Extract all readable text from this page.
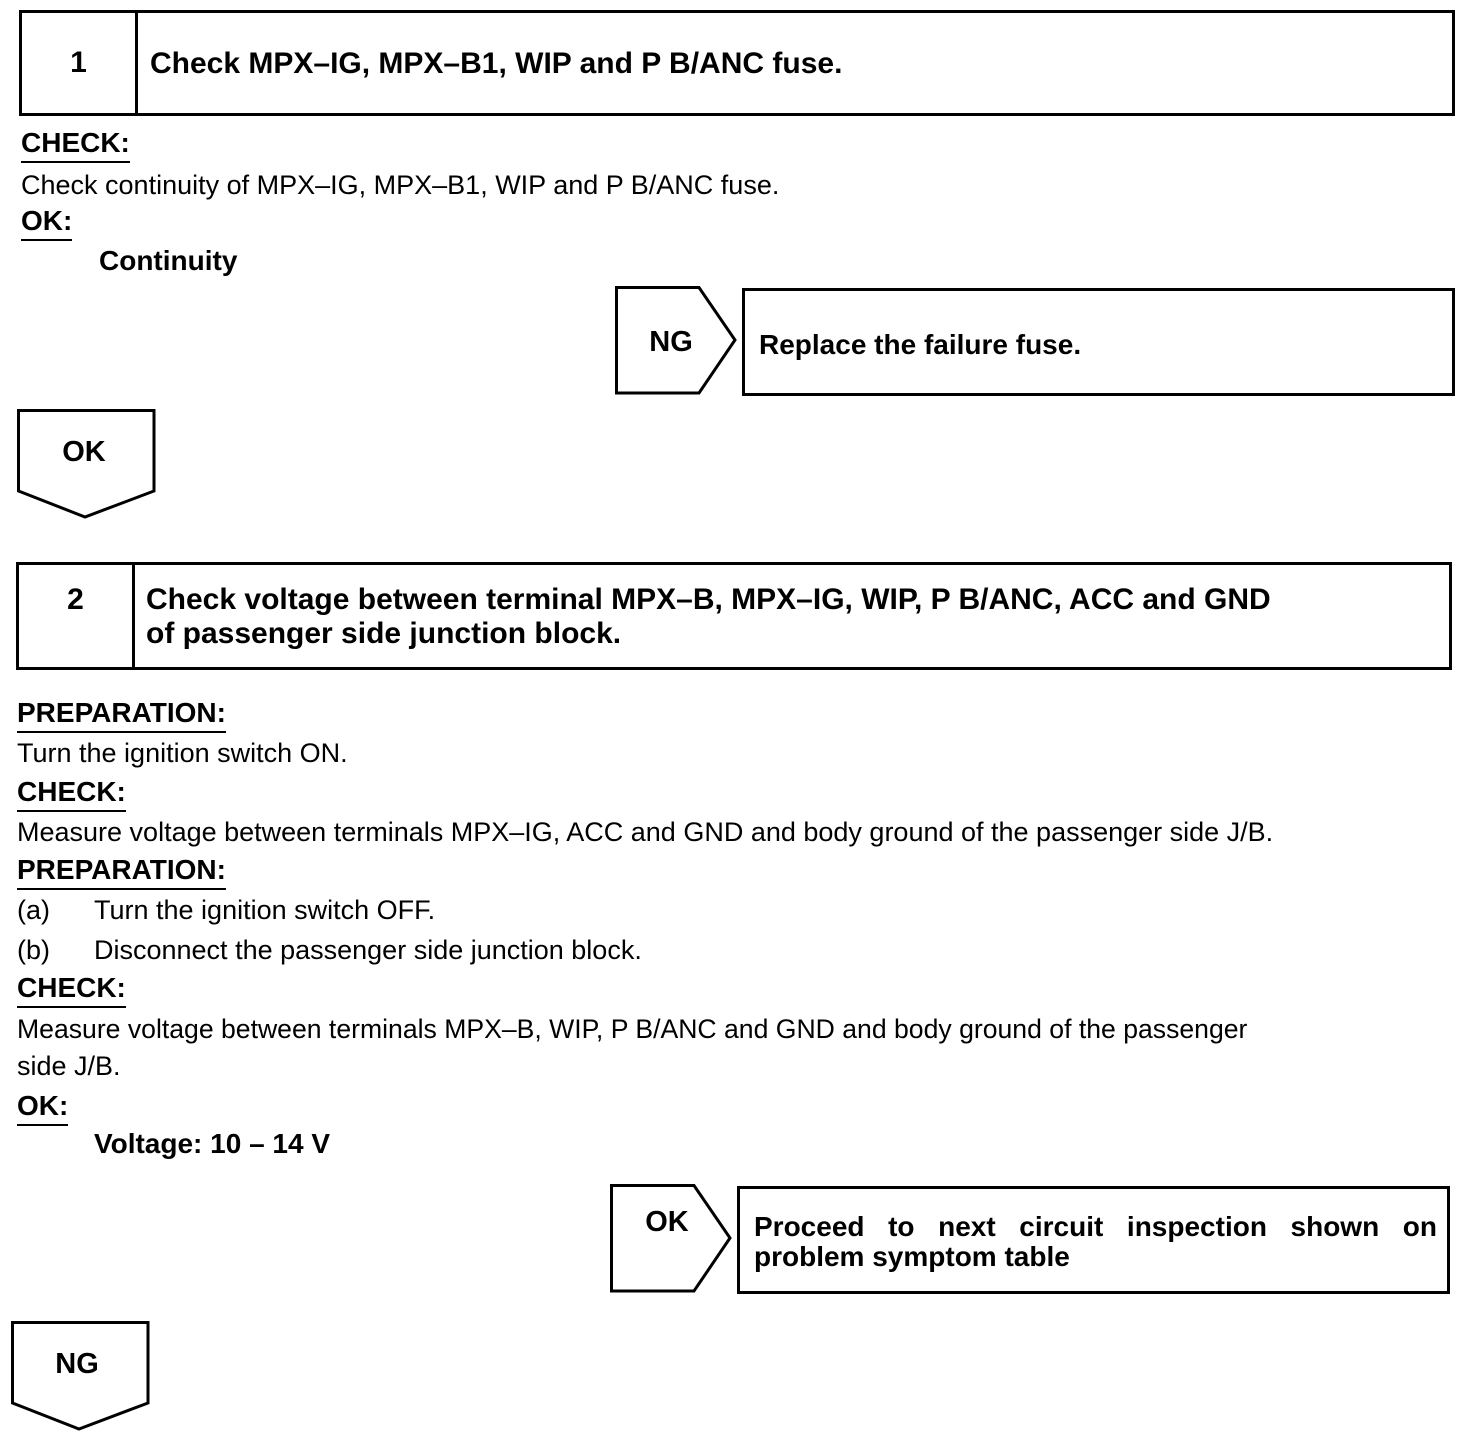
1	Check MPX–IG, MPX–B1, WIP and P B/ANC fuse.
CHECK:
Check continuity of MPX–IG, MPX–B1, WIP and P B/ANC fuse.
OK:
Continuity
NG	Replace the failure fuse.
OK
2	Check voltage between terminal MPX–B, MPX–IG, WIP, P B/ANC, ACC and GND
of passenger side junction block.
PREPARATION:
Turn the ignition switch ON.
CHECK:
Measure voltage between terminals MPX–IG, ACC and GND and body ground of the passenger side J/B.
PREPARATION:
(a) Turn the ignition switch OFF.
(b) Disconnect the passenger side junction block.
CHECK:
Measure voltage between terminals MPX–B, WIP, P B/ANC and GND and body ground of the passenger
side J/B.
OK:
Voltage: 10 – 14 V
OK	Proceed to next circuit inspection shown on
problem symptom table
NG
